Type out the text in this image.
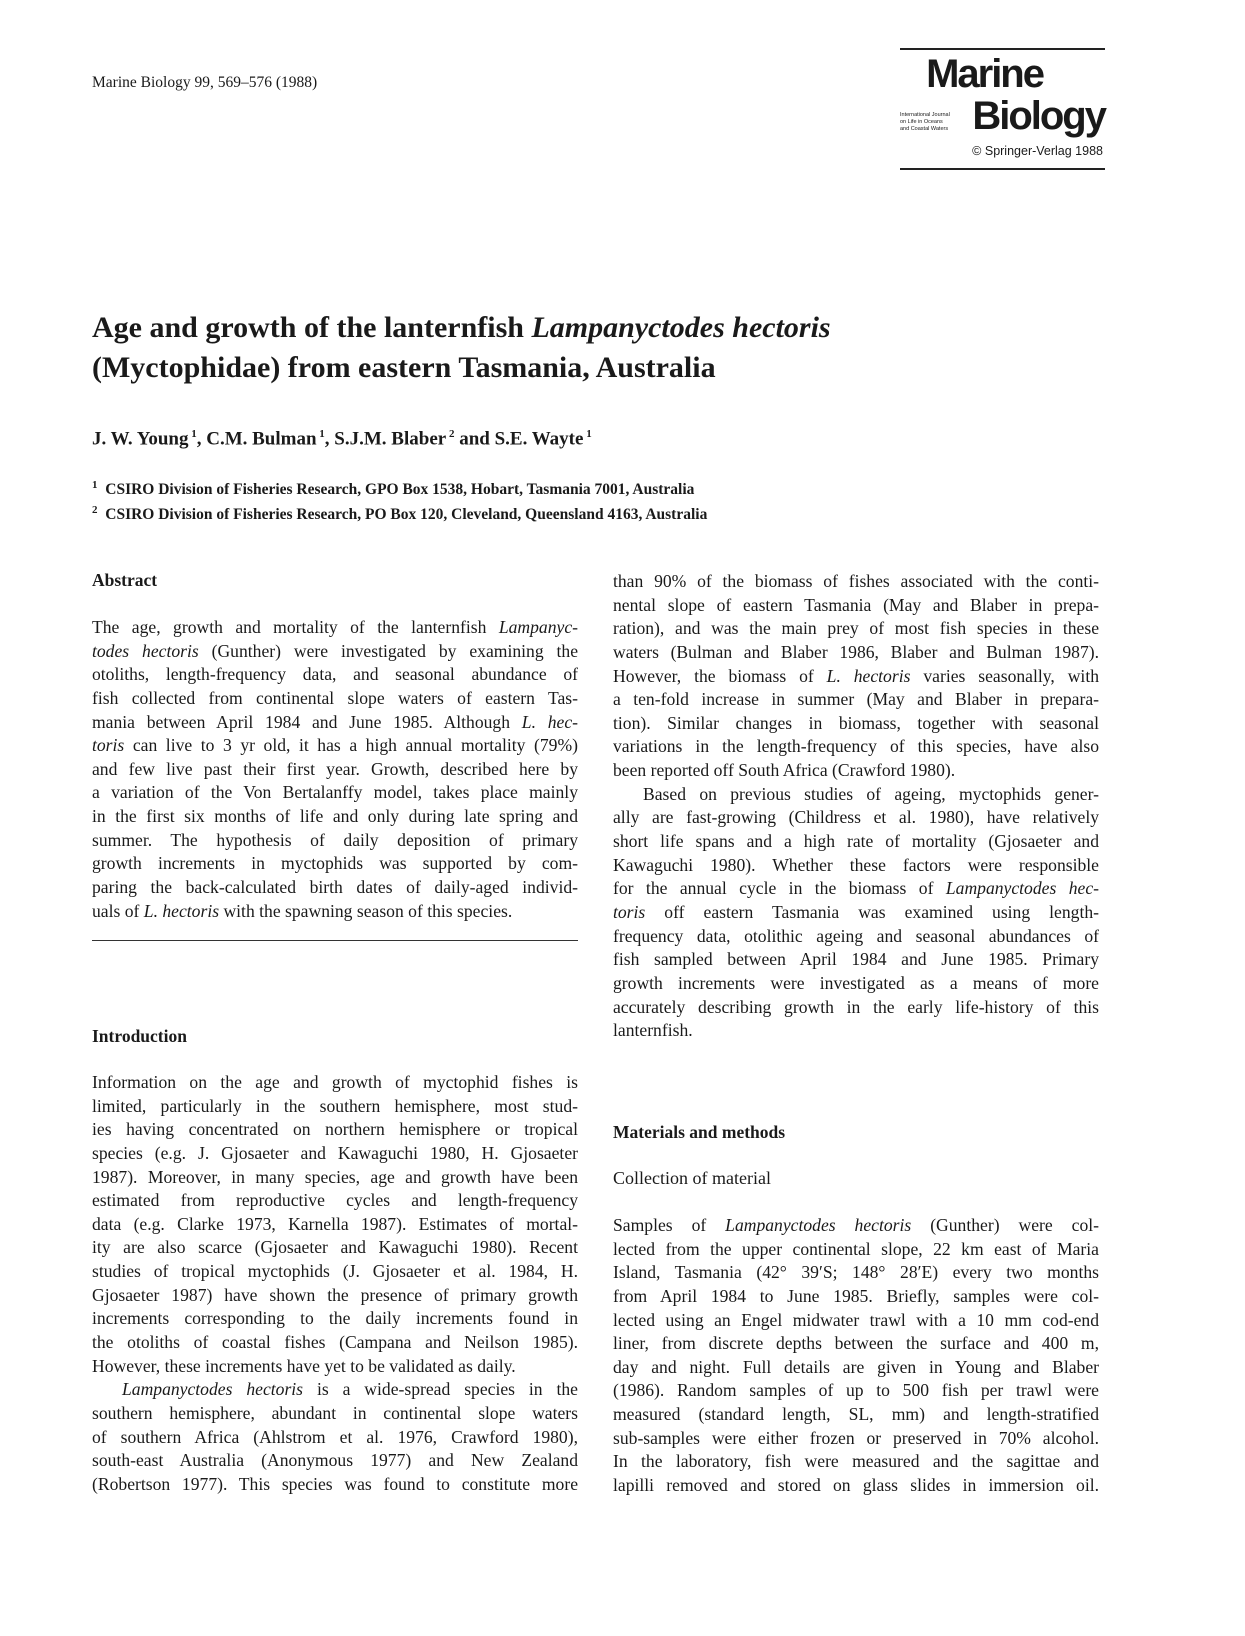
Marine Biology 99, 569–576 (1988)	Marine
International Journal
on Life in Oceans
and Coastal Waters Biology
© Springer-Verlag 1988
Age and growth of the lanternfish Lampanyctodes hectoris
(Myctophidae) from eastern Tasmania, Australia
J. W. Young $^1$, C.M. Bulman $^1$, S.J.M. Blaber $^2$ and S.E. Wayte $^1$
$^1$ CSIRO Division of Fisheries Research, GPO Box 1538, Hobart, Tasmania 7001, Australia
$^2$ CSIRO Division of Fisheries Research, PO Box 120, Cleveland, Queensland 4163, Australia
Abstract
The age, growth and mortality of the lanternfish Lampanyc-
todes hectoris (Gunther) were investigated by examining the
otoliths, length-frequency data, and seasonal abundance of
fish collected from continental slope waters of eastern Tas-
mania between April 1984 and June 1985. Although L. hec-
toris can live to 3 yr old, it has a high annual mortality (79%)
and few live past their first year. Growth, described here by
a variation of the Von Bertalanffy model, takes place mainly
in the first six months of life and only during late spring and
summer. The hypothesis of daily deposition of primary
growth increments in myctophids was supported by com-
paring the back-calculated birth dates of daily-aged individ-
uals of L. hectoris with the spawning season of this species.
Introduction
Information on the age and growth of myctophid fishes is
limited, particularly in the southern hemisphere, most stud-
ies having concentrated on northern hemisphere or tropical
species (e.g. J. Gjosaeter and Kawaguchi 1980, H. Gjosaeter
1987). Moreover, in many species, age and growth have been
estimated from reproductive cycles and length-frequency
data (e.g. Clarke 1973, Karnella 1987). Estimates of mortal-
ity are also scarce (Gjosaeter and Kawaguchi 1980). Recent
studies of tropical myctophids (J. Gjosaeter et al. 1984, H.
Gjosaeter 1987) have shown the presence of primary growth
increments corresponding to the daily increments found in
the otoliths of coastal fishes (Campana and Neilson 1985).
However, these increments have yet to be validated as daily.
Lampanyctodes hectoris is a wide-spread species in the
southern hemisphere, abundant in continental slope waters
of southern Africa (Ahlstrom et al. 1976, Crawford 1980),
south-east Australia (Anonymous 1977) and New Zealand
(Robertson 1977). This species was found to constitute more
than 90% of the biomass of fishes associated with the conti-
nental slope of eastern Tasmania (May and Blaber in prepa-
ration), and was the main prey of most fish species in these
waters (Bulman and Blaber 1986, Blaber and Bulman 1987).
However, the biomass of L. hectoris varies seasonally, with
a ten-fold increase in summer (May and Blaber in prepara-
tion). Similar changes in biomass, together with seasonal
variations in the length-frequency of this species, have also
been reported off South Africa (Crawford 1980).
Based on previous studies of ageing, myctophids gener-
ally are fast-growing (Childress et al. 1980), have relatively
short life spans and a high rate of mortality (Gjosaeter and
Kawaguchi 1980). Whether these factors were responsible
for the annual cycle in the biomass of Lampanyctodes hec-
toris off eastern Tasmania was examined using length-
frequency data, otolithic ageing and seasonal abundances of
fish sampled between April 1984 and June 1985. Primary
growth increments were investigated as a means of more
accurately describing growth in the early life-history of this
lanternfish.
Materials and methods
Collection of material
Samples of Lampanyctodes hectoris (Gunther) were col-
lected from the upper continental slope, 22 km east of Maria
Island, Tasmania (42° 39′S; 148° 28′E) every two months
from April 1984 to June 1985. Briefly, samples were col-
lected using an Engel midwater trawl with a 10 mm cod-end
liner, from discrete depths between the surface and 400 m,
day and night. Full details are given in Young and Blaber
(1986). Random samples of up to 500 fish per trawl were
measured (standard length, SL, mm) and length-stratified
sub-samples were either frozen or preserved in 70% alcohol.
In the laboratory, fish were measured and the sagittae and
lapilli removed and stored on glass slides in immersion oil.
